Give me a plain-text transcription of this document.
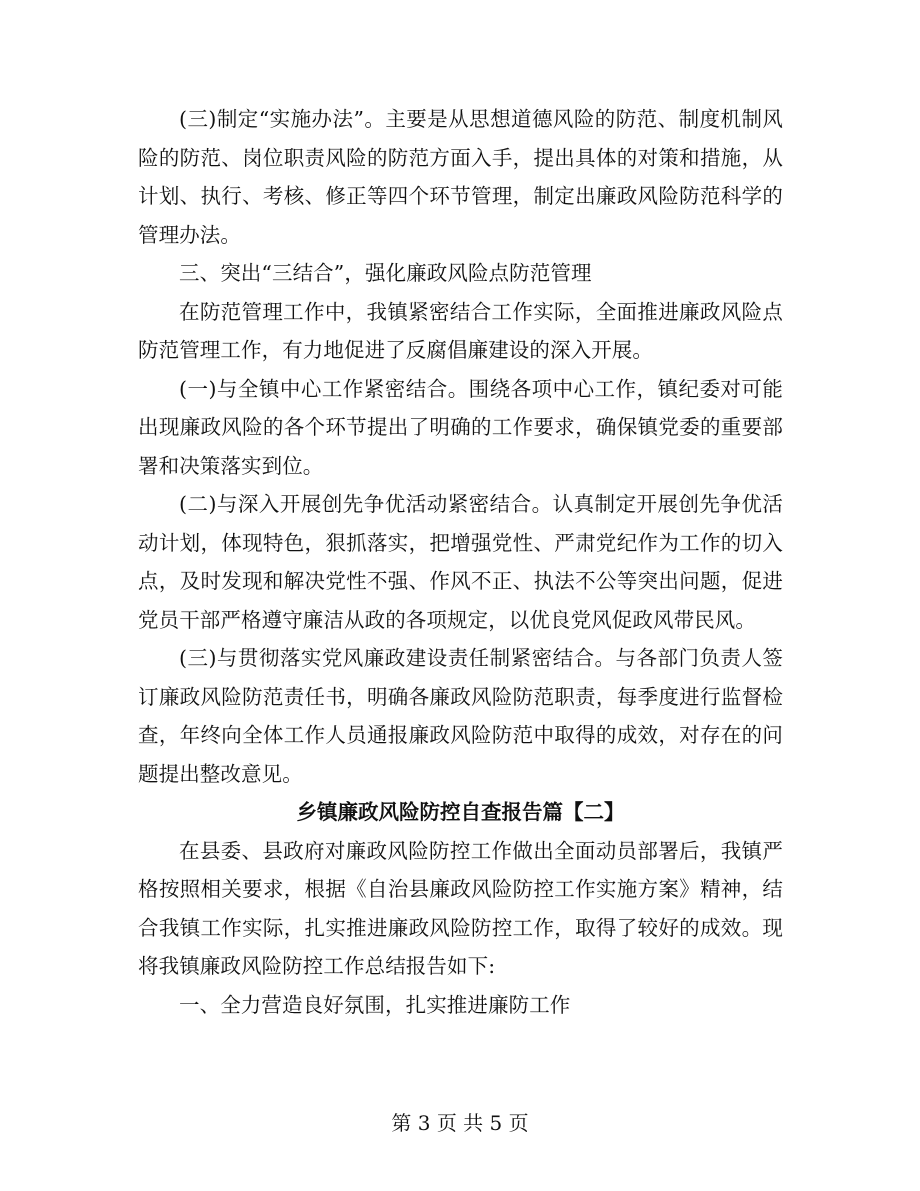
(三)制定“实施办法”。主要是从思想道德风险的防范、制度机制风险的防范、岗位职责风险的防范方面入手，提出具体的对策和措施，从计划、执行、考核、修正等四个环节管理，制定出廉政风险防范科学的管理办法。

三、突出“三结合”，强化廉政风险点防范管理

在防范管理工作中，我镇紧密结合工作实际，全面推进廉政风险点防范管理工作，有力地促进了反腐倡廉建设的深入开展。

(一)与全镇中心工作紧密结合。围绕各项中心工作，镇纪委对可能出现廉政风险的各个环节提出了明确的工作要求，确保镇党委的重要部署和决策落实到位。

(二)与深入开展创先争优活动紧密结合。认真制定开展创先争优活动计划，体现特色，狠抓落实，把增强党性、严肃党纪作为工作的切入点，及时发现和解决党性不强、作风不正、执法不公等突出问题，促进党员干部严格遵守廉洁从政的各项规定，以优良党风促政风带民风。

(三)与贯彻落实党风廉政建设责任制紧密结合。与各部门负责人签订廉政风险防范责任书，明确各廉政风险防范职责，每季度进行监督检查，年终向全体工作人员通报廉政风险防范中取得的成效，对存在的问题提出整改意见。

乡镇廉政风险防控自查报告篇【二】

在县委、县政府对廉政风险防控工作做出全面动员部署后，我镇严格按照相关要求，根据《自治县廉政风险防控工作实施方案》精神，结合我镇工作实际，扎实推进廉政风险防控工作，取得了较好的成效。现将我镇廉政风险防控工作总结报告如下:

一、全力营造良好氛围，扎实推进廉防工作

第 3 页 共 5 页
